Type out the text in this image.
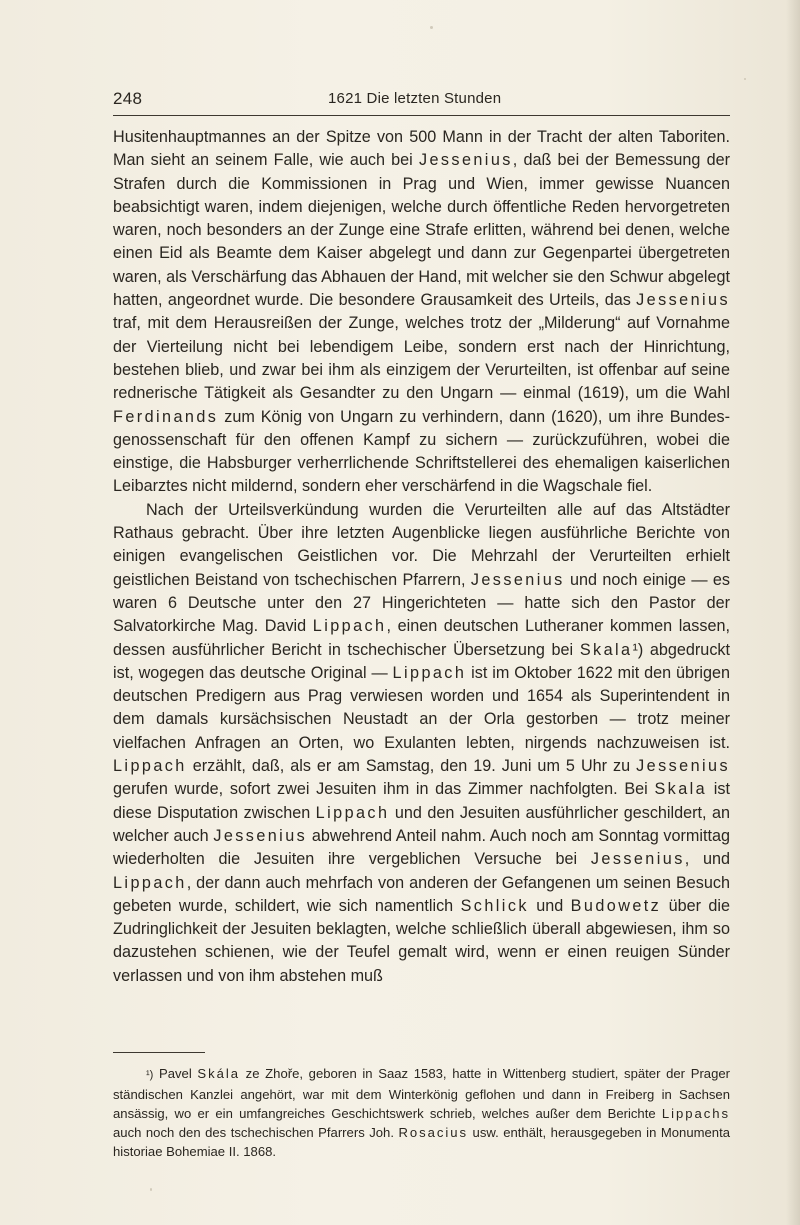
248	1621 Die letzten Stunden

Husitenhauptmannes an der Spitze von 500 Mann in der Tracht der alten Taboriten. Man sieht an seinem Falle, wie auch bei Jessenius, daß bei der Bemessung der Strafen durch die Kommissionen in Prag und Wien, immer gewisse Nuancen beabsichtigt waren, indem diejenigen, welche durch öffentliche Reden hervorgetreten waren, noch besonders an der Zunge eine Strafe erlitten, während bei denen, welche einen Eid als Beamte dem Kaiser abgelegt und dann zur Gegenpartei übergetreten waren, als Verschärfung das Abhauen der Hand, mit welcher sie den Schwur abgelegt hatten, angeordnet wurde. Die besondere Grausamkeit des Urteils, das Jessenius traf, mit dem Herausreißen der Zunge, welches trotz der „Milderung“ auf Vornahme der Vierteilung nicht bei lebendigem Leibe, sondern erst nach der Hinrichtung, bestehen blieb, und zwar bei ihm als einzigem der Verurteilten, ist offenbar auf seine rednerische Tätigkeit als Gesandter zu den Ungarn — einmal (1619), um die Wahl Ferdinands zum König von Ungarn zu verhindern, dann (1620), um ihre Bundesgenossenschaft für den offenen Kampf zu sichern — zurückzuführen, wobei die einstige, die Habsburger verherrlichende Schriftstellerei des ehemaligen kaiserlichen Leibarztes nicht mildernd, sondern eher verschärfend in die Wagschale fiel.

Nach der Urteilsverkündung wurden die Verurteilten alle auf das Altstädter Rathaus gebracht. Über ihre letzten Augenblicke liegen ausführliche Berichte von einigen evangelischen Geistlichen vor. Die Mehrzahl der Verurteilten erhielt geistlichen Beistand von tschechischen Pfarrern, Jessenius und noch einige — es waren 6 Deutsche unter den 27 Hingerichteten — hatte sich den Pastor der Salvatorkirche Mag. David Lippach, einen deutschen Lutheraner kommen lassen, dessen ausführlicher Bericht in tschechischer Übersetzung bei Skala¹) abgedruckt ist, wogegen das deutsche Original — Lippach ist im Oktober 1622 mit den übrigen deutschen Predigern aus Prag verwiesen worden und 1654 als Superintendent in dem damals kursächsischen Neustadt an der Orla gestorben — trotz meiner vielfachen Anfragen an Orten, wo Exulanten lebten, nirgends nachzuweisen ist. Lippach erzählt, daß, als er am Samstag, den 19. Juni um 5 Uhr zu Jessenius gerufen wurde, sofort zwei Jesuiten ihm in das Zimmer nachfolgten. Bei Skala ist diese Disputation zwischen Lippach und den Jesuiten ausführlicher geschildert, an welcher auch Jessenius abwehrend Anteil nahm. Auch noch am Sonntag vormittag wiederholten die Jesuiten ihre vergeblichen Versuche bei Jessenius, und Lippach, der dann auch mehrfach von anderen der Gefangenen um seinen Besuch gebeten wurde, schildert, wie sich namentlich Schlick und Budowetz über die Zudringlichkeit der Jesuiten beklagten, welche schließlich überall abgewiesen, ihm so dazustehen schienen, wie der Teufel gemalt wird, wenn er einen reuigen Sünder verlassen und von ihm abstehen muß

¹) Pavel Skála ze Zhoře, geboren in Saaz 1583, hatte in Wittenberg studiert, später der Prager ständischen Kanzlei angehört, war mit dem Winterkönig geflohen und dann in Freiberg in Sachsen ansässig, wo er ein umfangreiches Geschichtswerk schrieb, welches außer dem Berichte Lippachs auch noch den des tschechischen Pfarrers Joh. Rosacius usw. enthält, herausgegeben in Monumenta historiae Bohemiae II. 1868.
